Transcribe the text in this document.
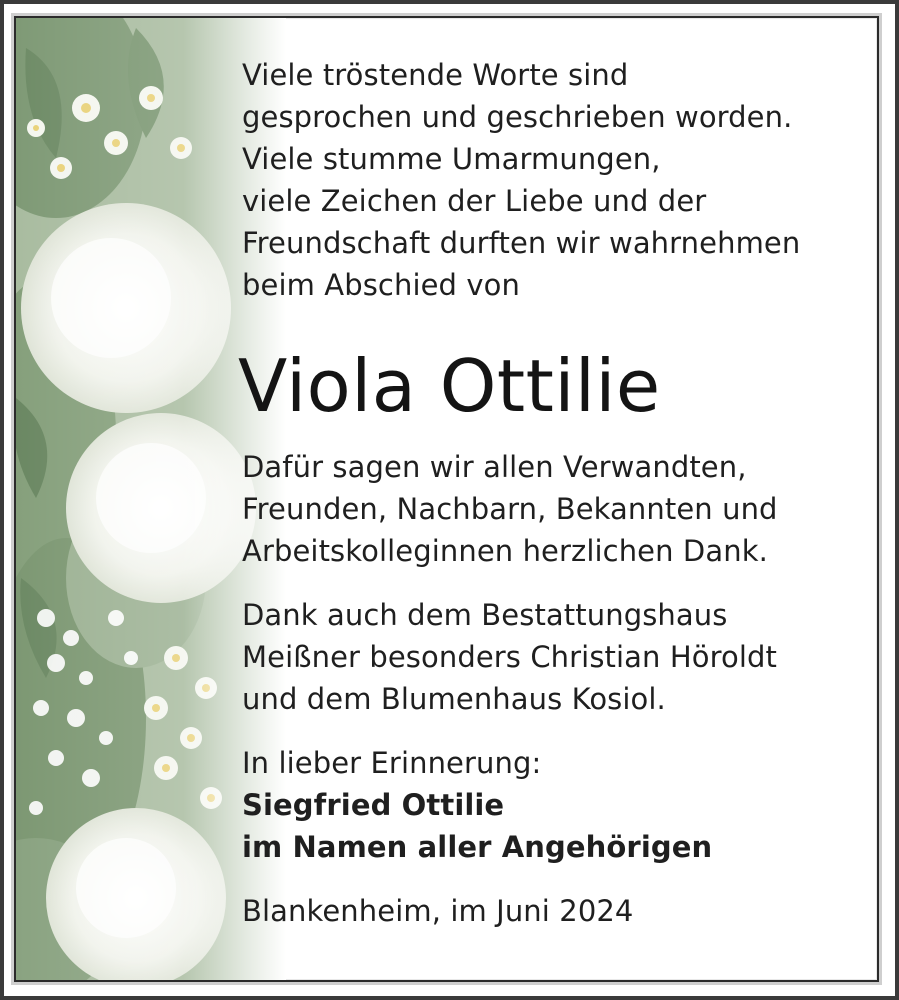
Viele tröstende Worte sind
gesprochen und geschrieben worden.
Viele stumme Umarmungen,
viele Zeichen der Liebe und der
Freundschaft durften wir wahrnehmen
beim Abschied von

Viola Ottilie

Dafür sagen wir allen Verwandten,
Freunden, Nachbarn, Bekannten und
Arbeitskolleginnen herzlichen Dank.

Dank auch dem Bestattungshaus
Meißner besonders Christian Höroldt
und dem Blumenhaus Kosiol.

In lieber Erinnerung:
Siegfried Ottilie
im Namen aller Angehörigen

Blankenheim, im Juni 2024
